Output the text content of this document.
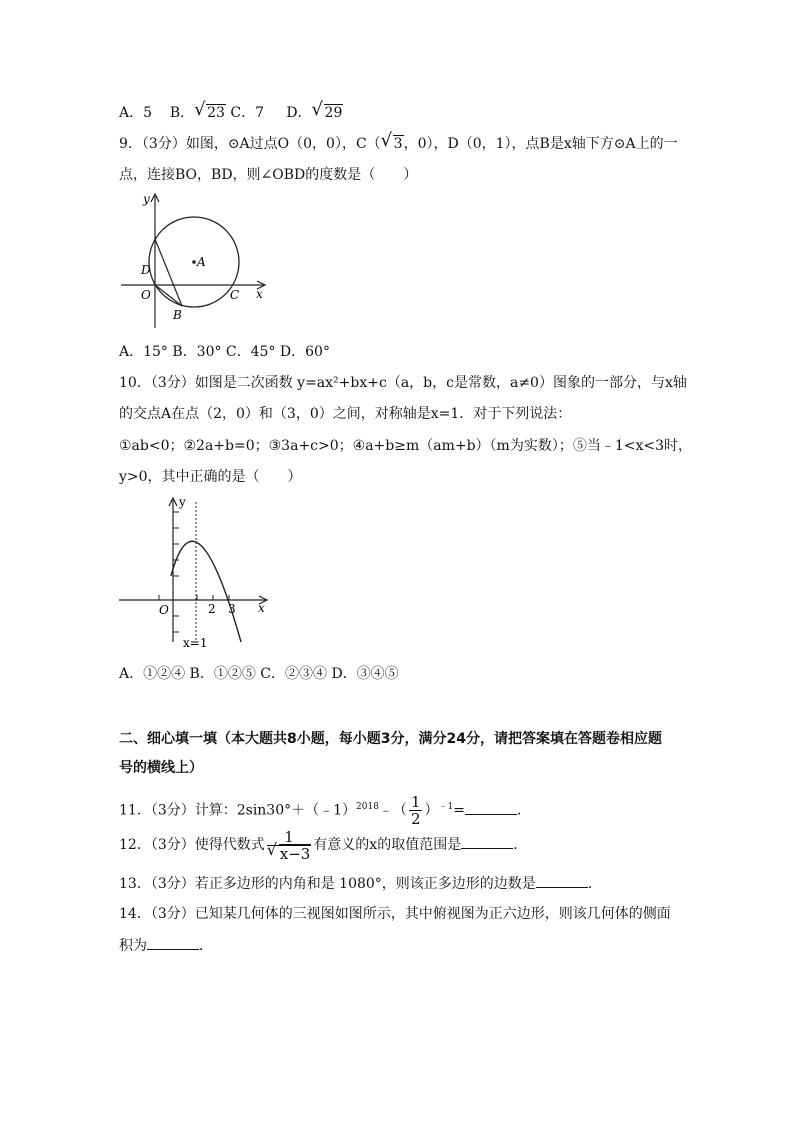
A．5 B． √ 23 C．7 D． √ 29
9．（3分）如图，⊙A过点O（0，0），C（ √ 3，0），D（0，1），点B是x轴下方⊙A上的一
点，连接BO，BD，则∠OBD的度数是（　　）
A
y
x
D
O	C
B
A．15° B．30° C．45° D．60°
10．（3分）如图是二次函数 y=ax²+bx+c（a，b，c是常数，a≠0）图象的一部分，与x轴
的交点A在点（2，0）和（3，0）之间，对称轴是x=1．对于下列说法：
①ab<0；②2a+b=0；③3a+c>0；④a+b≥m（am+b）（m为实数）；⑤当﹣1<x<3时，
y>0，其中正确的是（　　）
y
x
O	2 3
x=1
A．①②④ B．①②⑤ C．②③④ D．③④⑤
二、细心填一填（本大题共8小题，每小题3分，满分24分，请把答案填在答题卷相应题
号的横线上）
11．（3分）计算：2sin30°＋（﹣1）$^{2018}$﹣（ $\frac{1}{2} )^{﹣1}=$	．
12．（3分）使得代数式 $\frac{1}{√ x-3}$ 有意义的x的取值范围是	．
13．（3分）若正多边形的内角和是 1080°，则该正多边形的边数是	．
14．（3分）已知某几何体的三视图如图所示，其中俯视图为正六边形，则该几何体的侧面
积为	．
